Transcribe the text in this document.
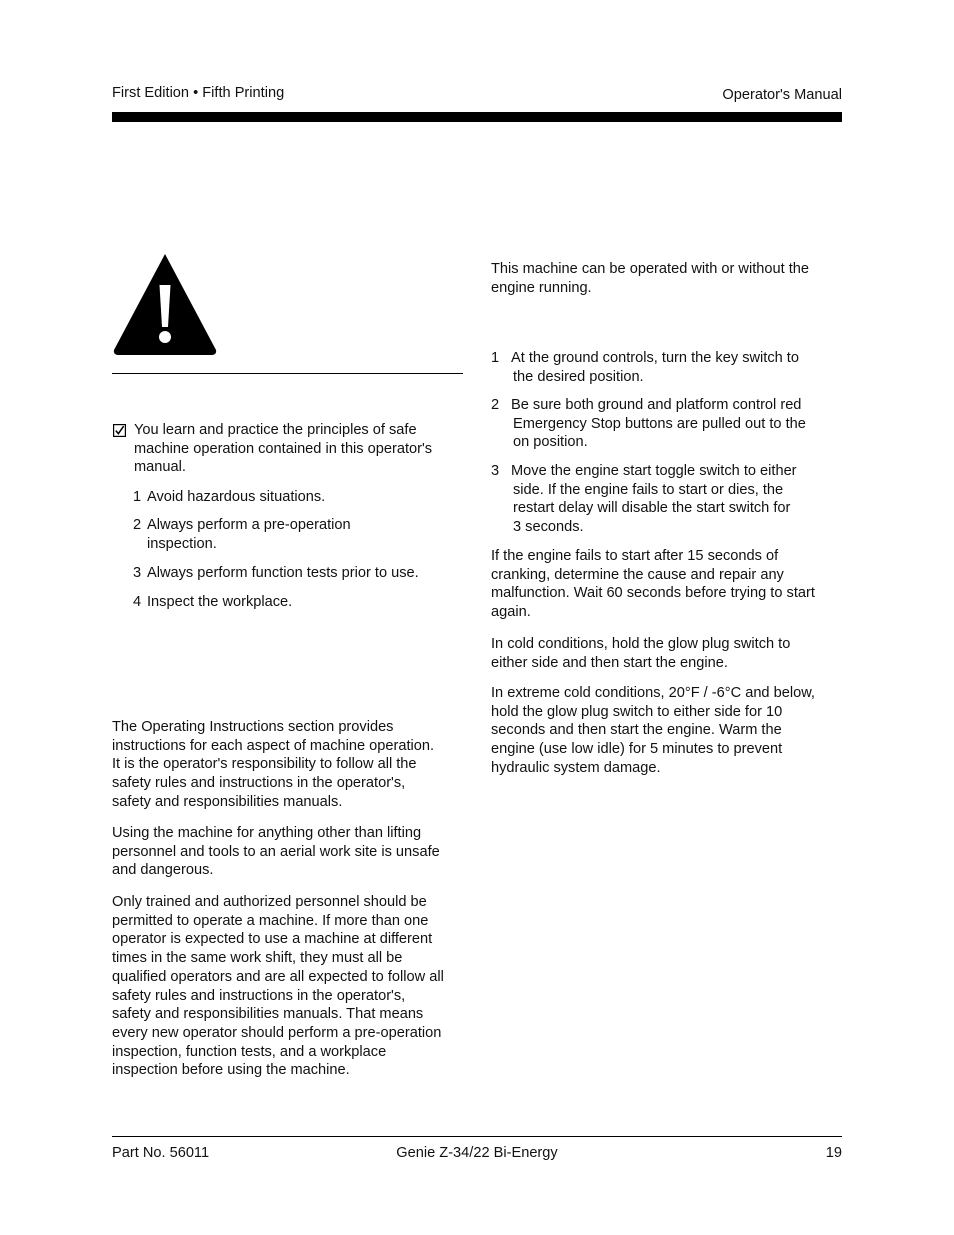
First Edition • Fifth Printing	Operator's Manual

You learn and practice the principles of safe

machine operation contained in this operator's

manual.

1 Avoid hazardous situations.

2 Always perform a pre-operation

inspection.

3 Always perform function tests prior to use.

4 Inspect the workplace.

The Operating Instructions section provides

instructions for each aspect of machine operation.

It is the operator's responsibility to follow all the

safety rules and instructions in the operator's,

safety and responsibilities manuals.

Using the machine for anything other than lifting

personnel and tools to an aerial work site is unsafe

and dangerous.

Only trained and authorized personnel should be

permitted to operate a machine. If more than one

operator is expected to use a machine at different

times in the same work shift, they must all be

qualified operators and are all expected to follow all

safety rules and instructions in the operator's,

safety and responsibilities manuals. That means

every new operator should perform a pre-operation

inspection, function tests, and a workplace

inspection before using the machine.

This machine can be operated with or without the

engine running.

1 At the ground controls, turn the key switch to

the desired position.

2 Be sure both ground and platform control red

Emergency Stop buttons are pulled out to the

on position.

3 Move the engine start toggle switch to either

side. If the engine fails to start or dies, the

restart delay will disable the start switch for

3 seconds.

If the engine fails to start after 15 seconds of

cranking, determine the cause and repair any

malfunction. Wait 60 seconds before trying to start

again.

In cold conditions, hold the glow plug switch to

either side and then start the engine.

In extreme cold conditions, 20°F / -6°C and below,

hold the glow plug switch to either side for 10

seconds and then start the engine. Warm the

engine (use low idle) for 5 minutes to prevent

hydraulic system damage.

Part No. 56011	Genie Z-34/22 Bi-Energy	19
